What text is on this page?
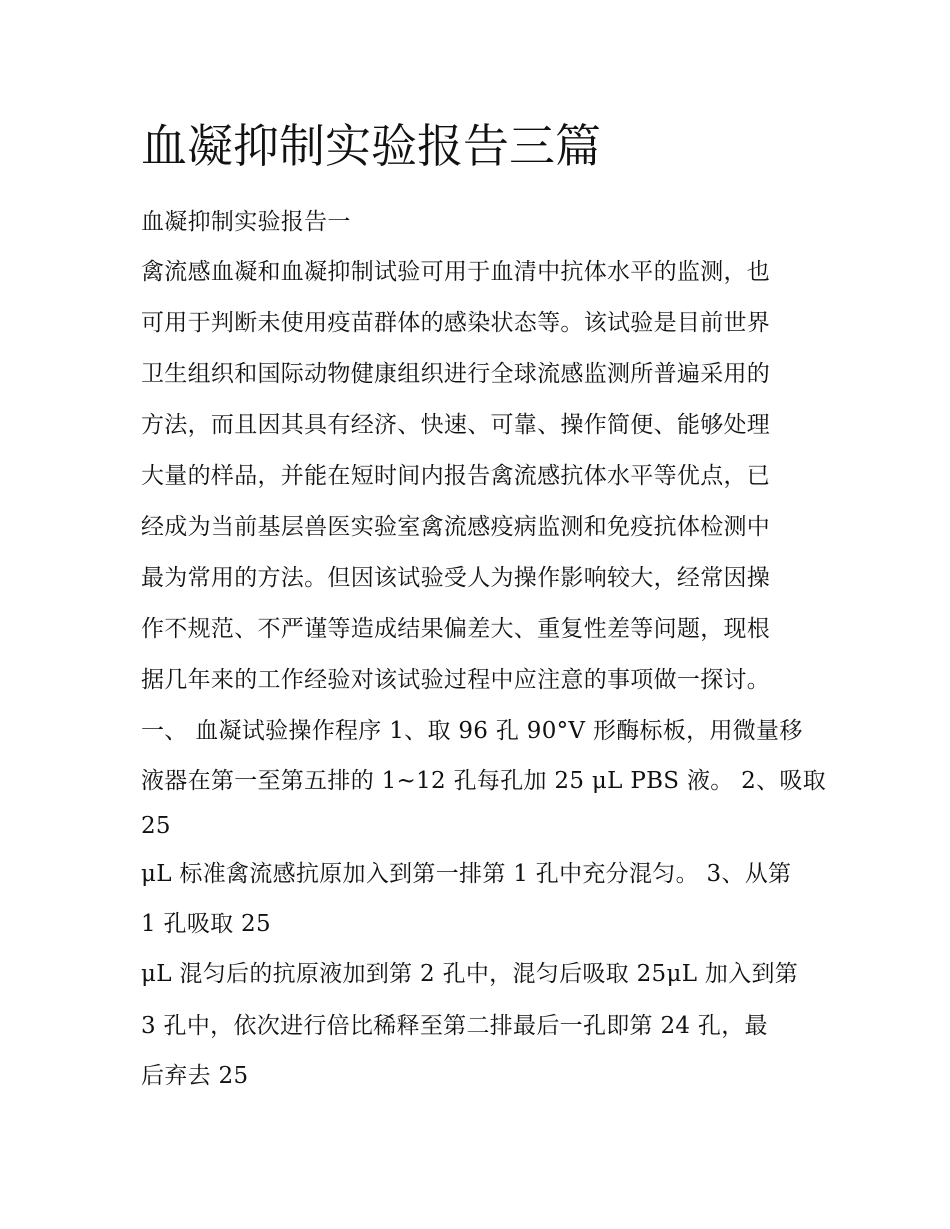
血凝抑制实验报告三篇
血凝抑制实验报告一
禽流感血凝和血凝抑制试验可用于血清中抗体水平的监测，也
可用于判断未使用疫苗群体的感染状态等。该试验是目前世界
卫生组织和国际动物健康组织进行全球流感监测所普遍采用的
方法，而且因其具有经济、快速、可靠、操作简便、能够处理
大量的样品，并能在短时间内报告禽流感抗体水平等优点，已
经成为当前基层兽医实验室禽流感疫病监测和免疫抗体检测中
最为常用的方法。但因该试验受人为操作影响较大，经常因操
作不规范、不严谨等造成结果偏差大、重复性差等问题，现根
据几年来的工作经验对该试验过程中应注意的事项做一探讨。
一、 血凝试验操作程序 1、取 96 孔 90°V 形酶标板，用微量移
液器在第一至第五排的 1~12 孔每孔加 25 μL PBS 液。 2、吸取
25
μL 标准禽流感抗原加入到第一排第 1 孔中充分混匀。 3、从第
1 孔吸取 25
μL 混匀后的抗原液加到第 2 孔中，混匀后吸取 25μL 加入到第
3 孔中，依次进行倍比稀释至第二排最后一孔即第 24 孔，最
后弃去 25
